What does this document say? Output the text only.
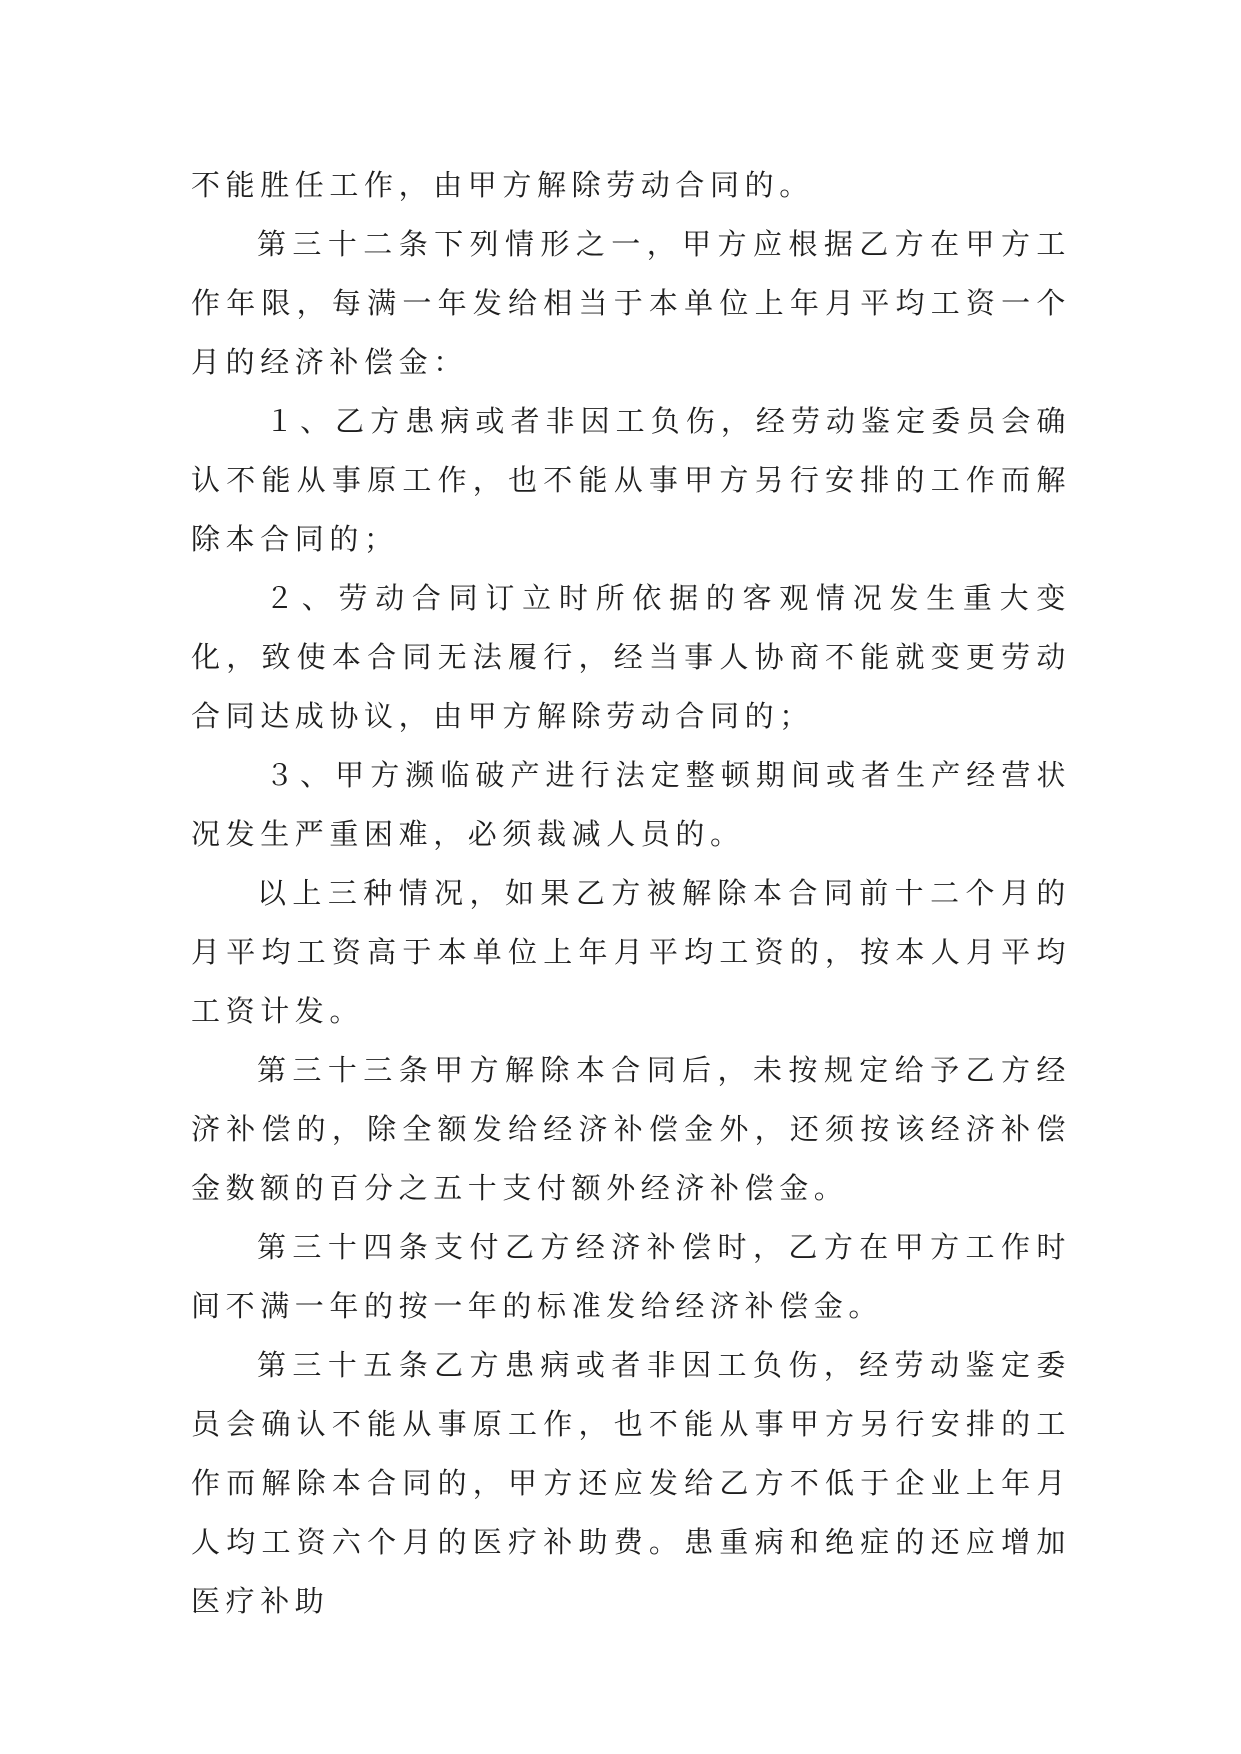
不能胜任工作，由甲方解除劳动合同的。

第三十二条下列情形之一，甲方应根据乙方在甲方工作年限，每满一年发给相当于本单位上年月平均工资一个月的经济补偿金：

１、乙方患病或者非因工负伤，经劳动鉴定委员会确认不能从事原工作，也不能从事甲方另行安排的工作而解除本合同的；

２、劳动合同订立时所依据的客观情况发生重大变化，致使本合同无法履行，经当事人协商不能就变更劳动合同达成协议，由甲方解除劳动合同的；

３、甲方濒临破产进行法定整顿期间或者生产经营状况发生严重困难，必须裁减人员的。

以上三种情况，如果乙方被解除本合同前十二个月的月平均工资高于本单位上年月平均工资的，按本人月平均工资计发。

第三十三条甲方解除本合同后，未按规定给予乙方经济补偿的，除全额发给经济补偿金外，还须按该经济补偿金数额的百分之五十支付额外经济补偿金。

第三十四条支付乙方经济补偿时，乙方在甲方工作时间不满一年的按一年的标准发给经济补偿金。

第三十五条乙方患病或者非因工负伤，经劳动鉴定委员会确认不能从事原工作，也不能从事甲方另行安排的工作而解除本合同的，甲方还应发给乙方不低于企业上年月人均工资六个月的医疗补助费。患重病和绝症的还应增加医疗补助
